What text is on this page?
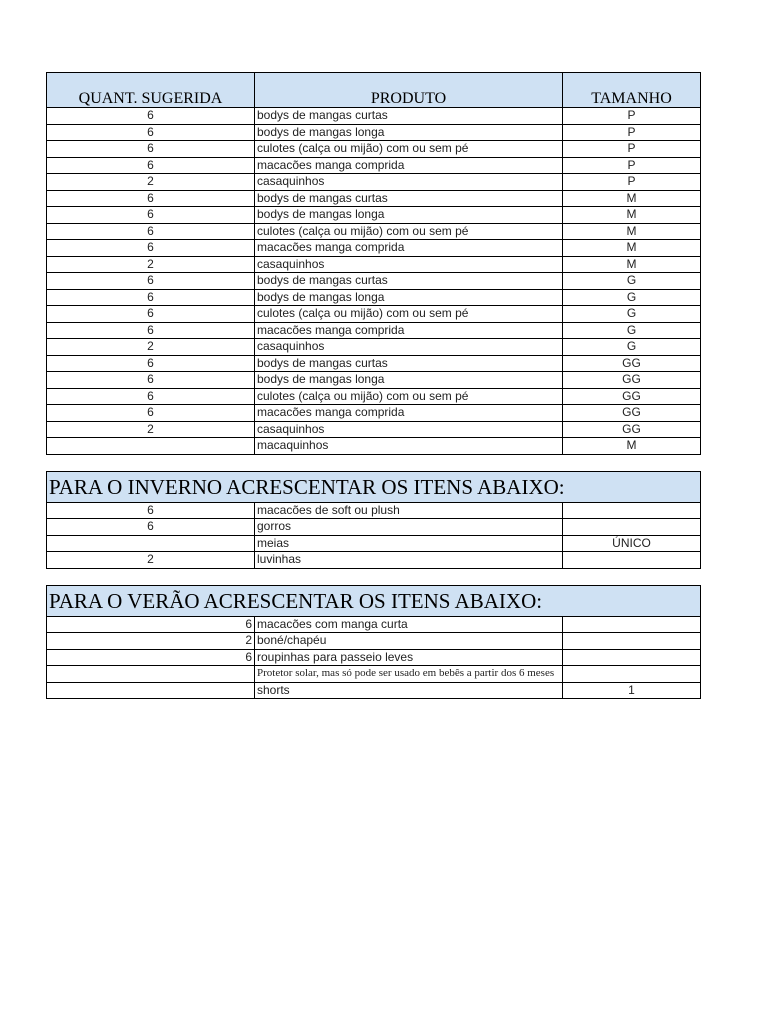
QUANT. SUGERIDA	PRODUTO	TAMANHO
6	bodys de mangas curtas	P
6	bodys de mangas longa	P
6	culotes (calça ou mijão) com ou sem pé	P
6	macacões manga comprida	P
2	casaquinhos	P
6	bodys de mangas curtas	M
6	bodys de mangas longa	M
6	culotes (calça ou mijão) com ou sem pé	M
6	macacões manga comprida	M
2	casaquinhos	M
6	bodys de mangas curtas	G
6	bodys de mangas longa	G
6	culotes (calça ou mijão) com ou sem pé	G
6	macacões manga comprida	G
2	casaquinhos	G
6	bodys de mangas curtas	GG
6	bodys de mangas longa	GG
6	culotes (calça ou mijão) com ou sem pé	GG
6	macacões manga comprida	GG
2	casaquinhos	GG
	macaquinhos	M

PARA O INVERNO ACRESCENTAR OS ITENS ABAIXO:		
6	macacões de soft ou plush	
6	gorros	
	meias	ÚNICO
2	luvinhas	

PARA O VERÃO ACRESCENTAR OS ITENS ABAIXO:		
6	macacões com manga curta	
2	boné/chapéu	
6	roupinhas para passeio leves	
	Protetor solar, mas só pode ser usado em bebês a partir dos 6 meses	
	shorts	1
